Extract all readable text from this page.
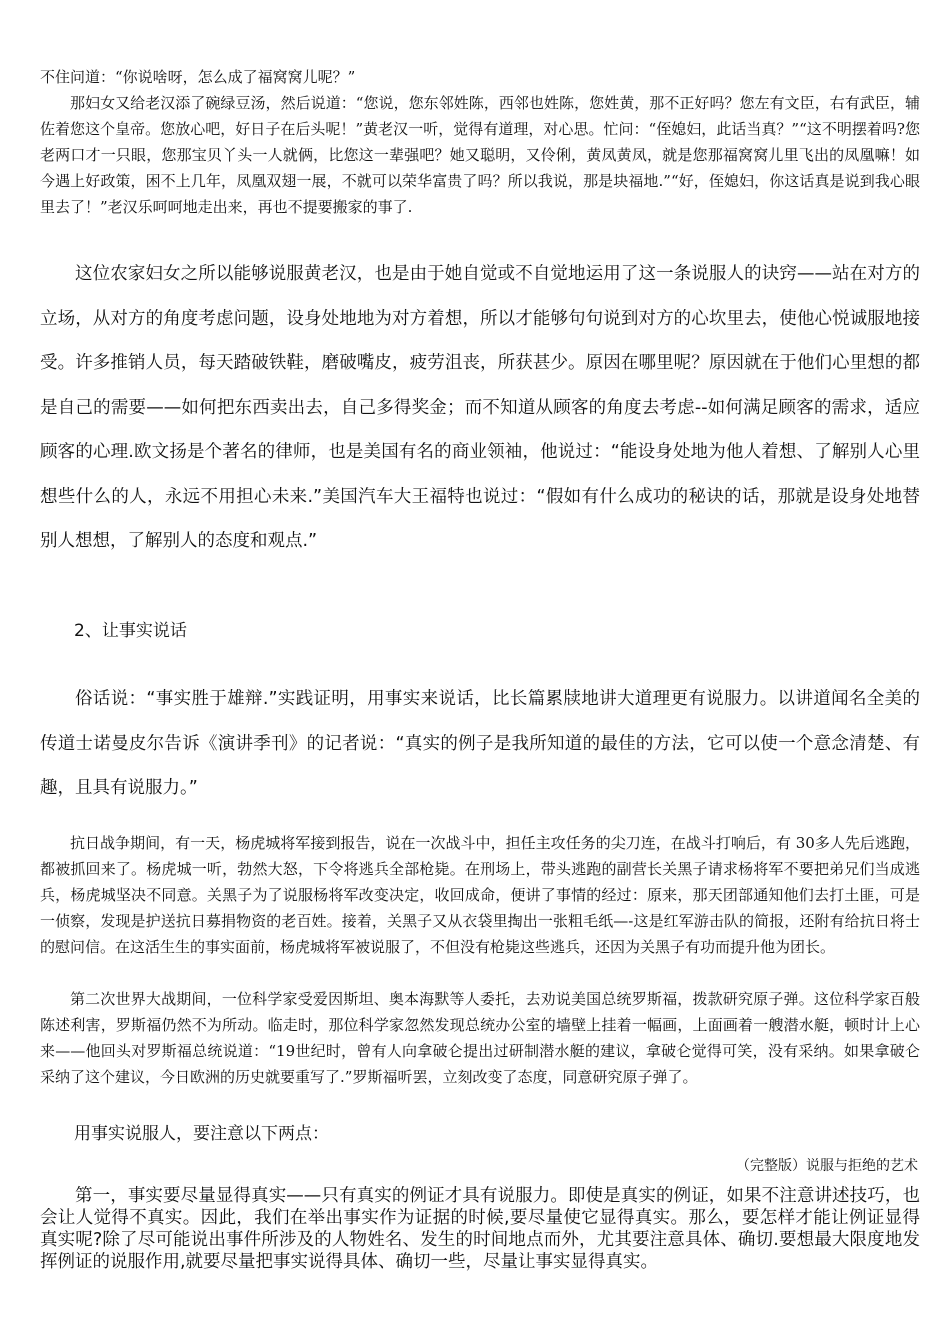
不住问道：“你说啥呀，怎么成了福窝窝儿呢？”

那妇女又给老汉添了碗绿豆汤，然后说道：“您说，您东邻姓陈，西邻也姓陈，您姓黄，那不正好吗？您左有文臣，右有武臣，辅佐着您这个皇帝。您放心吧，好日子在后头呢！”黄老汉一听，觉得有道理，对心思。忙问：“侄媳妇，此话当真？”“这不明摆着吗?您老两口才一只眼，您那宝贝丫头一人就俩，比您这一辈强吧？她又聪明，又伶俐，黄凤黄凤，就是您那福窝窝儿里飞出的凤凰嘛！如今遇上好政策，困不上几年，凤凰双翅一展，不就可以荣华富贵了吗？所以我说，那是块福地.”“好，侄媳妇，你这话真是说到我心眼里去了！”老汉乐呵呵地走出来，再也不提要搬家的事了.

这位农家妇女之所以能够说服黄老汉，也是由于她自觉或不自觉地运用了这一条说服人的诀窍——站在对方的立场，从对方的角度考虑问题，设身处地地为对方着想，所以才能够句句说到对方的心坎里去，使他心悦诚服地接受。许多推销人员，每天踏破铁鞋，磨破嘴皮，疲劳沮丧，所获甚少。原因在哪里呢？原因就在于他们心里想的都是自己的需要——如何把东西卖出去，自己多得奖金；而不知道从顾客的角度去考虑--如何满足顾客的需求，适应顾客的心理.欧文扬是个著名的律师，也是美国有名的商业领袖，他说过：“能设身处地为他人着想、了解别人心里想些什么的人，永远不用担心未来.”美国汽车大王福特也说过：“假如有什么成功的秘诀的话，那就是设身处地替别人想想，了解别人的态度和观点.”

2、让事实说话

俗话说：“事实胜于雄辩.”实践证明，用事实来说话，比长篇累牍地讲大道理更有说服力。以讲道闻名全美的传道士诺曼皮尔告诉《演讲季刊》的记者说：“真实的例子是我所知道的最佳的方法，它可以使一个意念清楚、有趣，且具有说服力。”

抗日战争期间，有一天，杨虎城将军接到报告，说在一次战斗中，担任主攻任务的尖刀连，在战斗打响后，有 30多人先后逃跑，都被抓回来了。杨虎城一听，勃然大怒，下令将逃兵全部枪毙。在刑场上，带头逃跑的副营长关黑子请求杨将军不要把弟兄们当成逃兵，杨虎城坚决不同意。关黑子为了说服杨将军改变决定，收回成命，便讲了事情的经过：原来，那天团部通知他们去打土匪，可是一侦察，发现是护送抗日募捐物资的老百姓。接着，关黑子又从衣袋里掏出一张粗毛纸—-这是红军游击队的简报，还附有给抗日将士的慰问信。在这活生生的事实面前，杨虎城将军被说服了，不但没有枪毙这些逃兵，还因为关黑子有功而提升他为团长。

第二次世界大战期间，一位科学家受爱因斯坦、奥本海默等人委托，去劝说美国总统罗斯福，拨款研究原子弹。这位科学家百般陈述利害，罗斯福仍然不为所动。临走时，那位科学家忽然发现总统办公室的墙壁上挂着一幅画，上面画着一艘潜水艇，顿时计上心来——他回头对罗斯福总统说道：“19世纪时，曾有人向拿破仑提出过研制潜水艇的建议，拿破仑觉得可笑，没有采纳。如果拿破仑采纳了这个建议，今日欧洲的历史就要重写了.”罗斯福听罢，立刻改变了态度，同意研究原子弹了。

用事实说服人，要注意以下两点：

（完整版）说服与拒绝的艺术

第一，事实要尽量显得真实——只有真实的例证才具有说服力。即使是真实的例证，如果不注意讲述技巧，也会让人觉得不真实。因此，我们在举出事实作为证据的时候,要尽量使它显得真实。那么，要怎样才能让例证显得真实呢?除了尽可能说出事件所涉及的人物姓名、发生的时间地点而外，尤其要注意具体、确切.要想最大限度地发挥例证的说服作用,就要尽量把事实说得具体、确切一些，尽量让事实显得真实。
